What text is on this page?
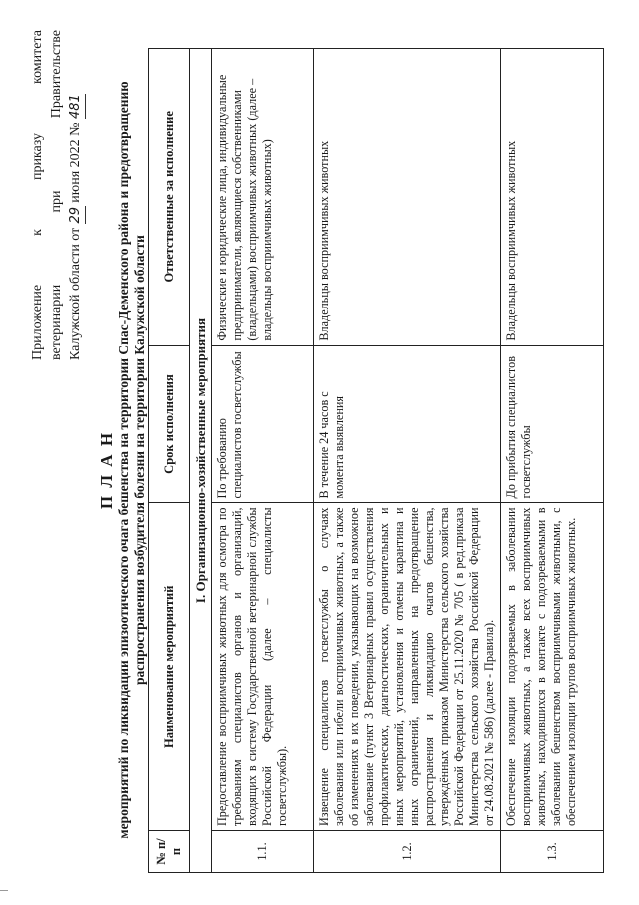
Приложение
к
приказу
комитета
ветеринарии
при
Правительстве
Калужской области от 29 июня 2022 № 481
П Л А Н мероприятий по ликвидации эпизоотического очага бешенства на территории Спас-Деменского района и предотвращению распространения возбудителя болезни на территории Калужской области
№ п/п	Наименование мероприятий	Срок исполнения	Ответственные за исполнение
I. Организационно-хозяйственные мероприятия			
1.1.	Предоставление восприимчивых животных для осмотра по требованиям специалистов органов и организаций, входящих в систему Государственной ветеринарной службы Российской Федерации (далее – специалисты госветслужбы).	По требованию специалистов госветслужбы	Физические и юридические лица, индивидуальные предприниматели, являющиеся собственниками (владельцами) восприимчивых животных (далее – владельцы восприимчивых животных)
1.2.	Извещение специалистов госветслужбы о случаях заболевания или гибели восприимчивых животных, а также об изменениях в их поведении, указывающих на возможное заболевание (пункт 3 Ветеринарных правил осуществления профилактических, диагностических, ограничительных и иных мероприятий, установления и отмены карантина и иных ограничений, направленных на предотвращение распространения и ликвидацию очагов бешенства, утверждённых приказом Министерства сельского хозяйства Российской Федерации от 25.11.2020 № 705 ( в ред.приказа Министерства сельского хозяйства Российской Федерации от 24.08.2021 № 586) (далее - Правила).	В течение 24 часов с момента выявления	Владельцы восприимчивых животных
1.3.	Обеспечение изоляции подозреваемых в заболевании восприимчивых животных, а также всех восприимчивых животных, находившихся в контакте с подозреваемыми в заболевании бешенством восприимчивыми животными, с обеспечением изоляции трупов восприимчивых животных.	До прибытия специалистов госветслужбы	Владельцы восприимчивых животных
